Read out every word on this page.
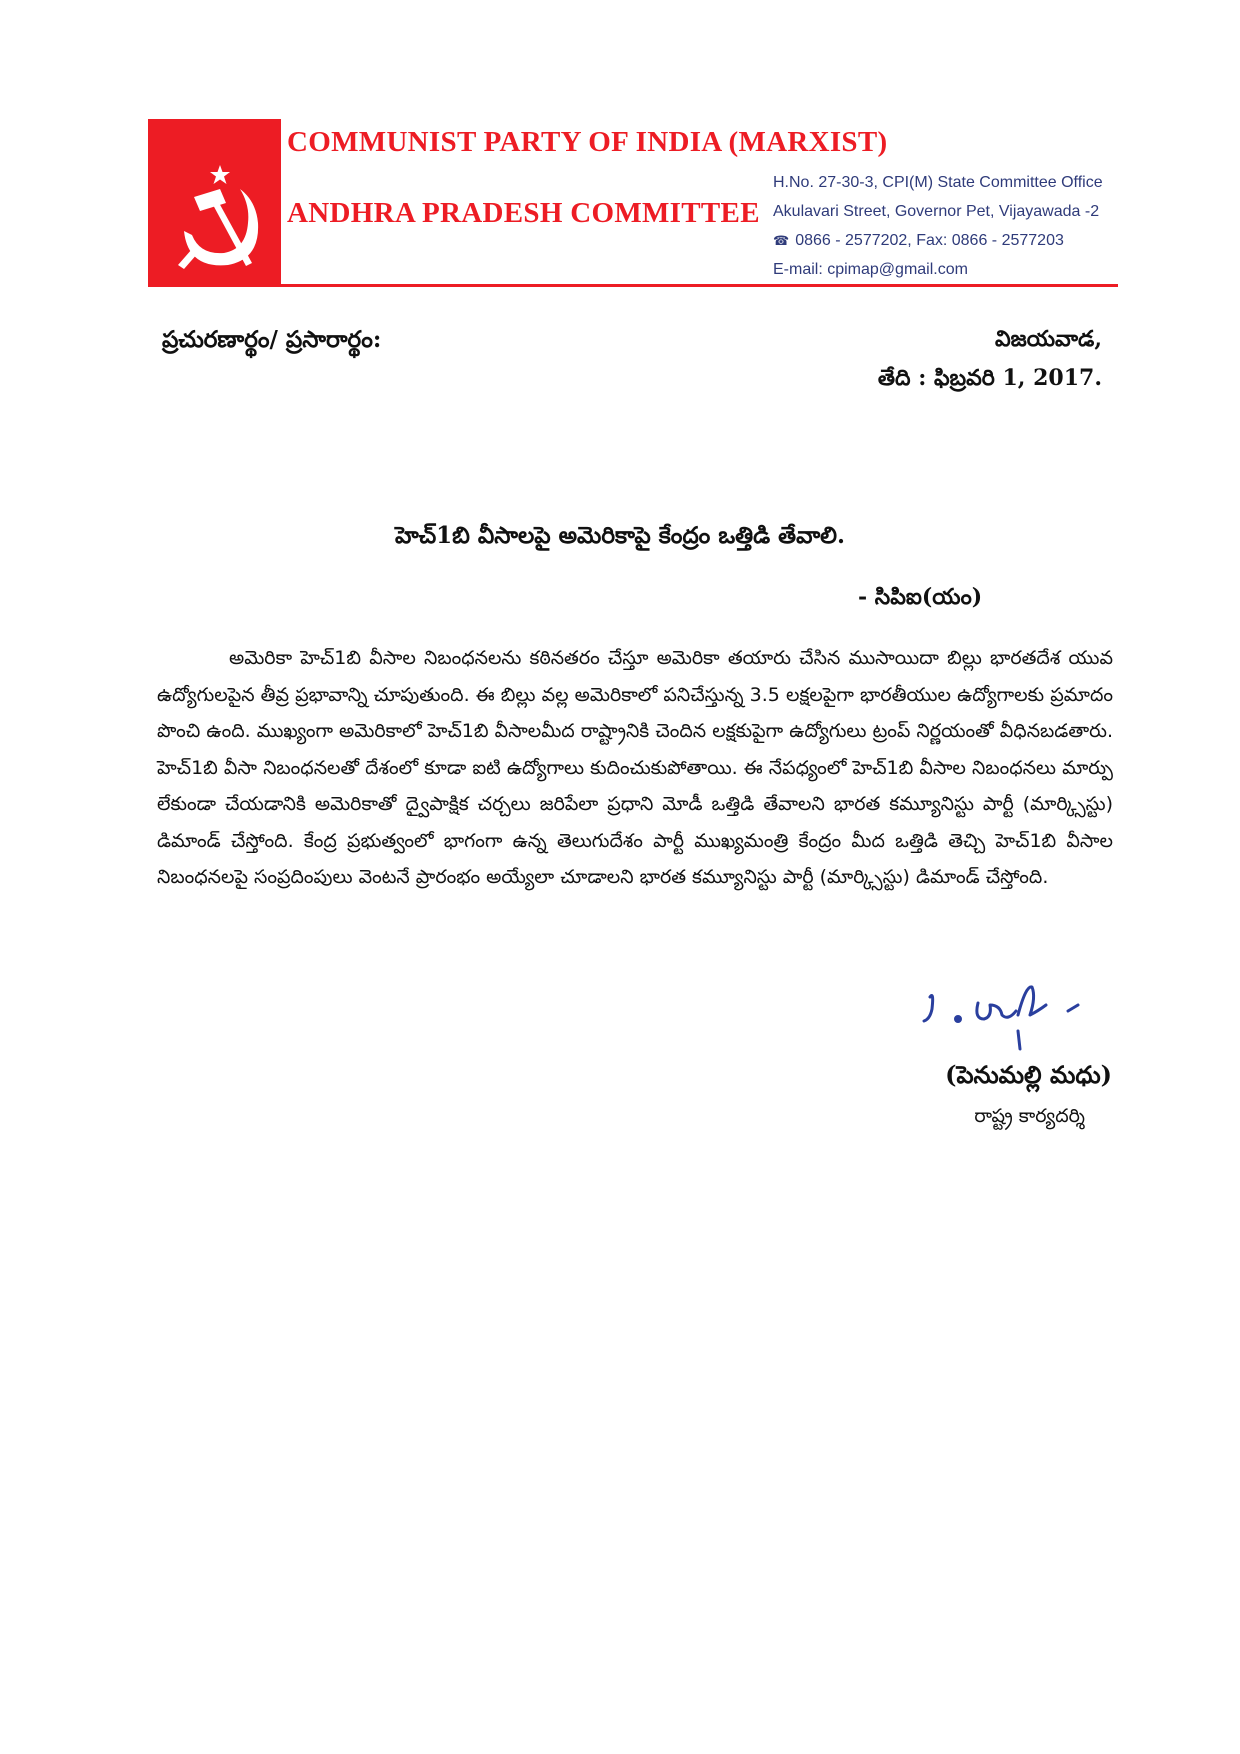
COMMUNIST PARTY OF INDIA (MARXIST)
ANDHRA PRADESH COMMITTEE
H.No. 27-30-3, CPI(M) State Committee Office
Akulavari Street, Governor Pet, Vijayawada -2
☎ 0866 - 2577202, Fax: 0866 - 2577203
E-mail: cpimap@gmail.com
ప్రచురణార్థం/ ప్రసారార్థం:	విజయవాడ,
తేది : ఫిబ్రవరి 1, 2017.
హెచ్‌1బి వీసాలపై అమెరికాపై కేంద్రం ఒత్తిడి తేవాలి.
- సిపిఐ(యం)

అమెరికా హెచ్‌1బి వీసాల నిబంధనలను కఠినతరం చేస్తూ అమెరికా తయారు చేసిన ముసాయిదా బిల్లు భారతదేశ యువ ఉద్యోగులపైన తీవ్ర ప్రభావాన్ని చూపుతుంది. ఈ బిల్లు వల్ల అమెరికాలో పనిచేస్తున్న 3.5 లక్షలపైగా భారతీయుల ఉద్యోగాలకు ప్రమాదం పొంచి ఉంది. ముఖ్యంగా అమెరికాలో హెచ్‌1బి వీసాలమీద రాష్ట్రానికి చెందిన లక్షకుపైగా ఉద్యోగులు ట్రంప్‌ నిర్ణయంతో వీధినబడతారు. హెచ్‌1బి వీసా నిబంధనలతో దేశంలో కూడా ఐటి ఉద్యోగాలు కుదించుకుపోతాయి. ఈ నేపధ్యంలో హెచ్‌1బి వీసాల నిబంధనలు మార్పు లేకుండా చేయడానికి అమెరికాతో ద్వైపాక్షిక చర్చలు జరిపేలా ప్రధాని మోడీ ఒత్తిడి తేవాలని భారత కమ్యూనిస్టు పార్టీ (మార్క్సిస్టు) డిమాండ్‌ చేస్తోంది. కేంద్ర ప్రభుత్వంలో భాగంగా ఉన్న తెలుగుదేశం పార్టీ ముఖ్యమంత్రి కేంద్రం మీద ఒత్తిడి తెచ్చి హెచ్‌1బి వీసాల నిబంధనలపై సంప్రదింపులు వెంటనే ప్రారంభం అయ్యేలా చూడాలని భారత కమ్యూనిస్టు పార్టీ (మార్క్సిస్టు) డిమాండ్‌ చేస్తోంది.

(పెనుమల్లి మధు)
రాష్ట్ర కార్యదర్శి
